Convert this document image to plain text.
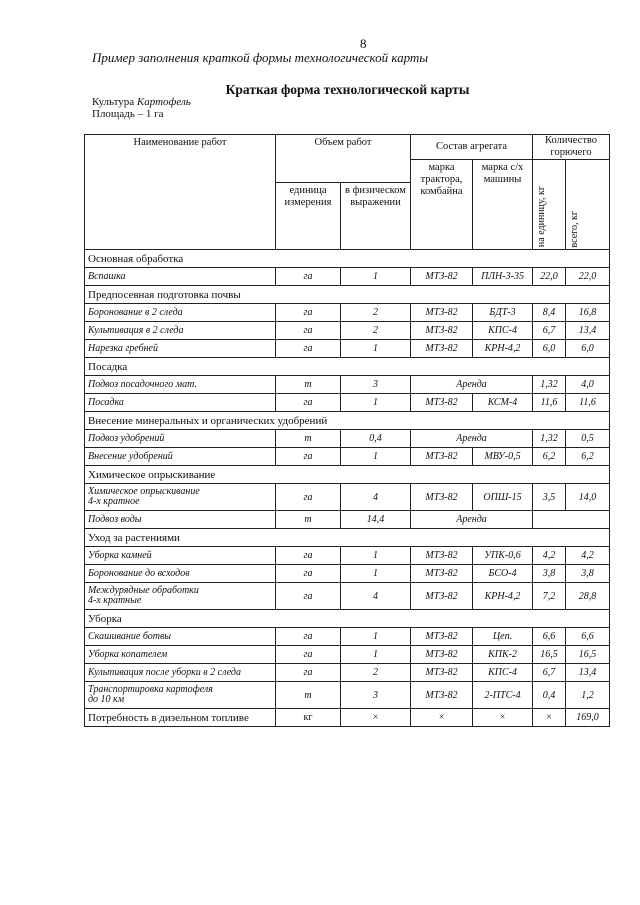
8
Пример заполнения краткой формы технологической карты
Краткая форма технологической карты
Культура Картофель
Площадь – 1 га
Наименование работ	Объем работ		Состав агрегата		Количество горючего	
			марка трактора, комбайна	марка с/х машины	на единицу, кг	всего, кг

	единица измерения	в физическом выражении				
Основная обработка						
Вспашка	га	1	МТЗ-82	ПЛН-3-35	22,0	22,0
Предпосевная подготовка почвы						
Боронование в 2 следа	га	2	МТЗ-82	БДТ-3	8,4	16,8
Культивация в 2 следа	га	2	МТЗ-82	КПС-4	6,7	13,4
Нарезка гребней	га	1	МТЗ-82	КРН-4,2	6,0	6,0
Посадка						
Подвоз посадочного мат.	т	3	Аренда		1,32	4,0
Посадка	га	1	МТЗ-82	КСМ-4	11,6	11,6
Внесение минеральных и органических удобрений						
Подвоз удобрений	т	0,4	Аренда		1,32	0,5
Внесение удобрений	га	1	МТЗ-82	МВУ-0,5	6,2	6,2
Химическое опрыскивание						

Химическое опрыскивание
4-х кратное	га	4	МТЗ-82	ОПШ-15	3,5	14,0
Подвоз воды	т	14,4	Аренда			
Уход за растениями						
Уборка камней	га	1	МТЗ-82	УПК-0,6	4,2	4,2
Боронование до всходов	га	1	МТЗ-82	БСО-4	3,8	3,8

Междурядные обработки
4-х кратные	га	4	МТЗ-82	КРН-4,2	7,2	28,8
Уборка						
Скашивание ботвы	га	1	МТЗ-82	Цеп.	6,6	6,6
Уборка копателем	га	1	МТЗ-82	КПК-2	16,5	16,5
Культивация после уборки в 2 следа	га	2	МТЗ-82	КПС-4	6,7	13,4

Транспортировка картофеля
до 10 км	т	3	МТЗ-82	2-ПТС-4	0,4	1,2
Потребность в дизельном топливе	кг	×	×	×	×	169,0
